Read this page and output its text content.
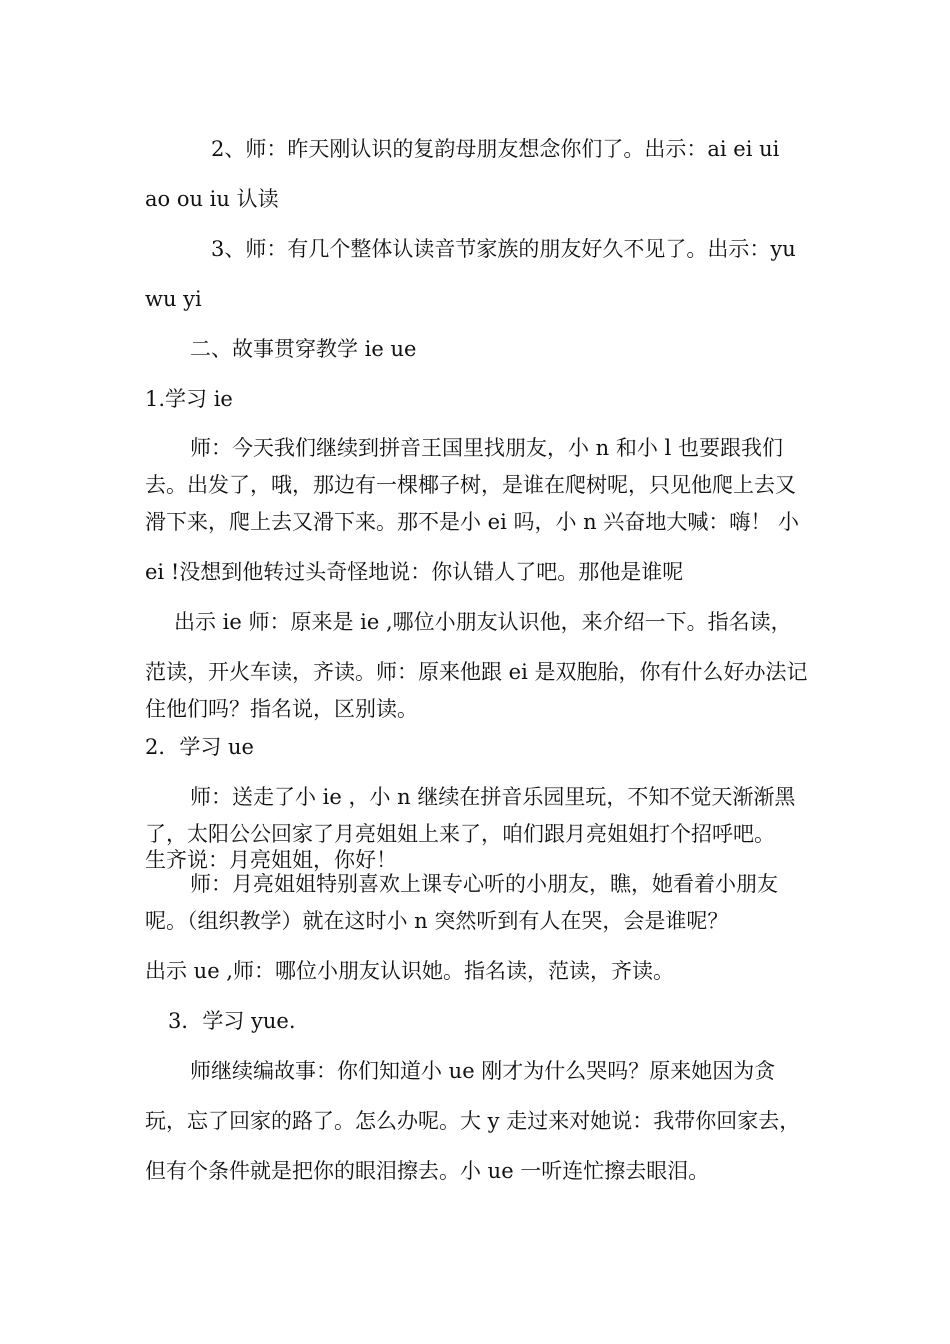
2、师：昨天刚认识的复韵母朋友想念你们了。出示：ai ei ui

ao ou iu 认读

3、师：有几个整体认读音节家族的朋友好久不见了。出示：yu

wu yi

二、故事贯穿教学 ie ue

1.学习 ie

师：今天我们继续到拼音王国里找朋友，小 n 和小 l 也要跟我们

去。出发了，哦，那边有一棵椰子树，是谁在爬树呢，只见他爬上去又

滑下来，爬上去又滑下来。那不是小 ei 吗，小 n 兴奋地大喊：嗨！ 小

ei !没想到他转过头奇怪地说：你认错人了吧。那他是谁呢

出示 ie 师：原来是 ie ,哪位小朋友认识他，来介绍一下。指名读，

范读，开火车读，齐读。师：原来他跟 ei 是双胞胎，你有什么好办法记

住他们吗？指名说，区别读。

2．学习 ue

师：送走了小 ie ，小 n 继续在拼音乐园里玩，不知不觉天渐渐黑

了，太阳公公回家了月亮姐姐上来了，咱们跟月亮姐姐打个招呼吧。

生齐说：月亮姐姐，你好！

师：月亮姐姐特别喜欢上课专心听的小朋友，瞧，她看着小朋友

呢。（组织教学）就在这时小 n 突然听到有人在哭，会是谁呢？

出示 ue ,师：哪位小朋友认识她。指名读，范读，齐读。

3．学习 yue.

师继续编故事：你们知道小 ue 刚才为什么哭吗？原来她因为贪

玩，忘了回家的路了。怎么办呢。大 y 走过来对她说：我带你回家去，

但有个条件就是把你的眼泪擦去。小 ue 一听连忙擦去眼泪。
